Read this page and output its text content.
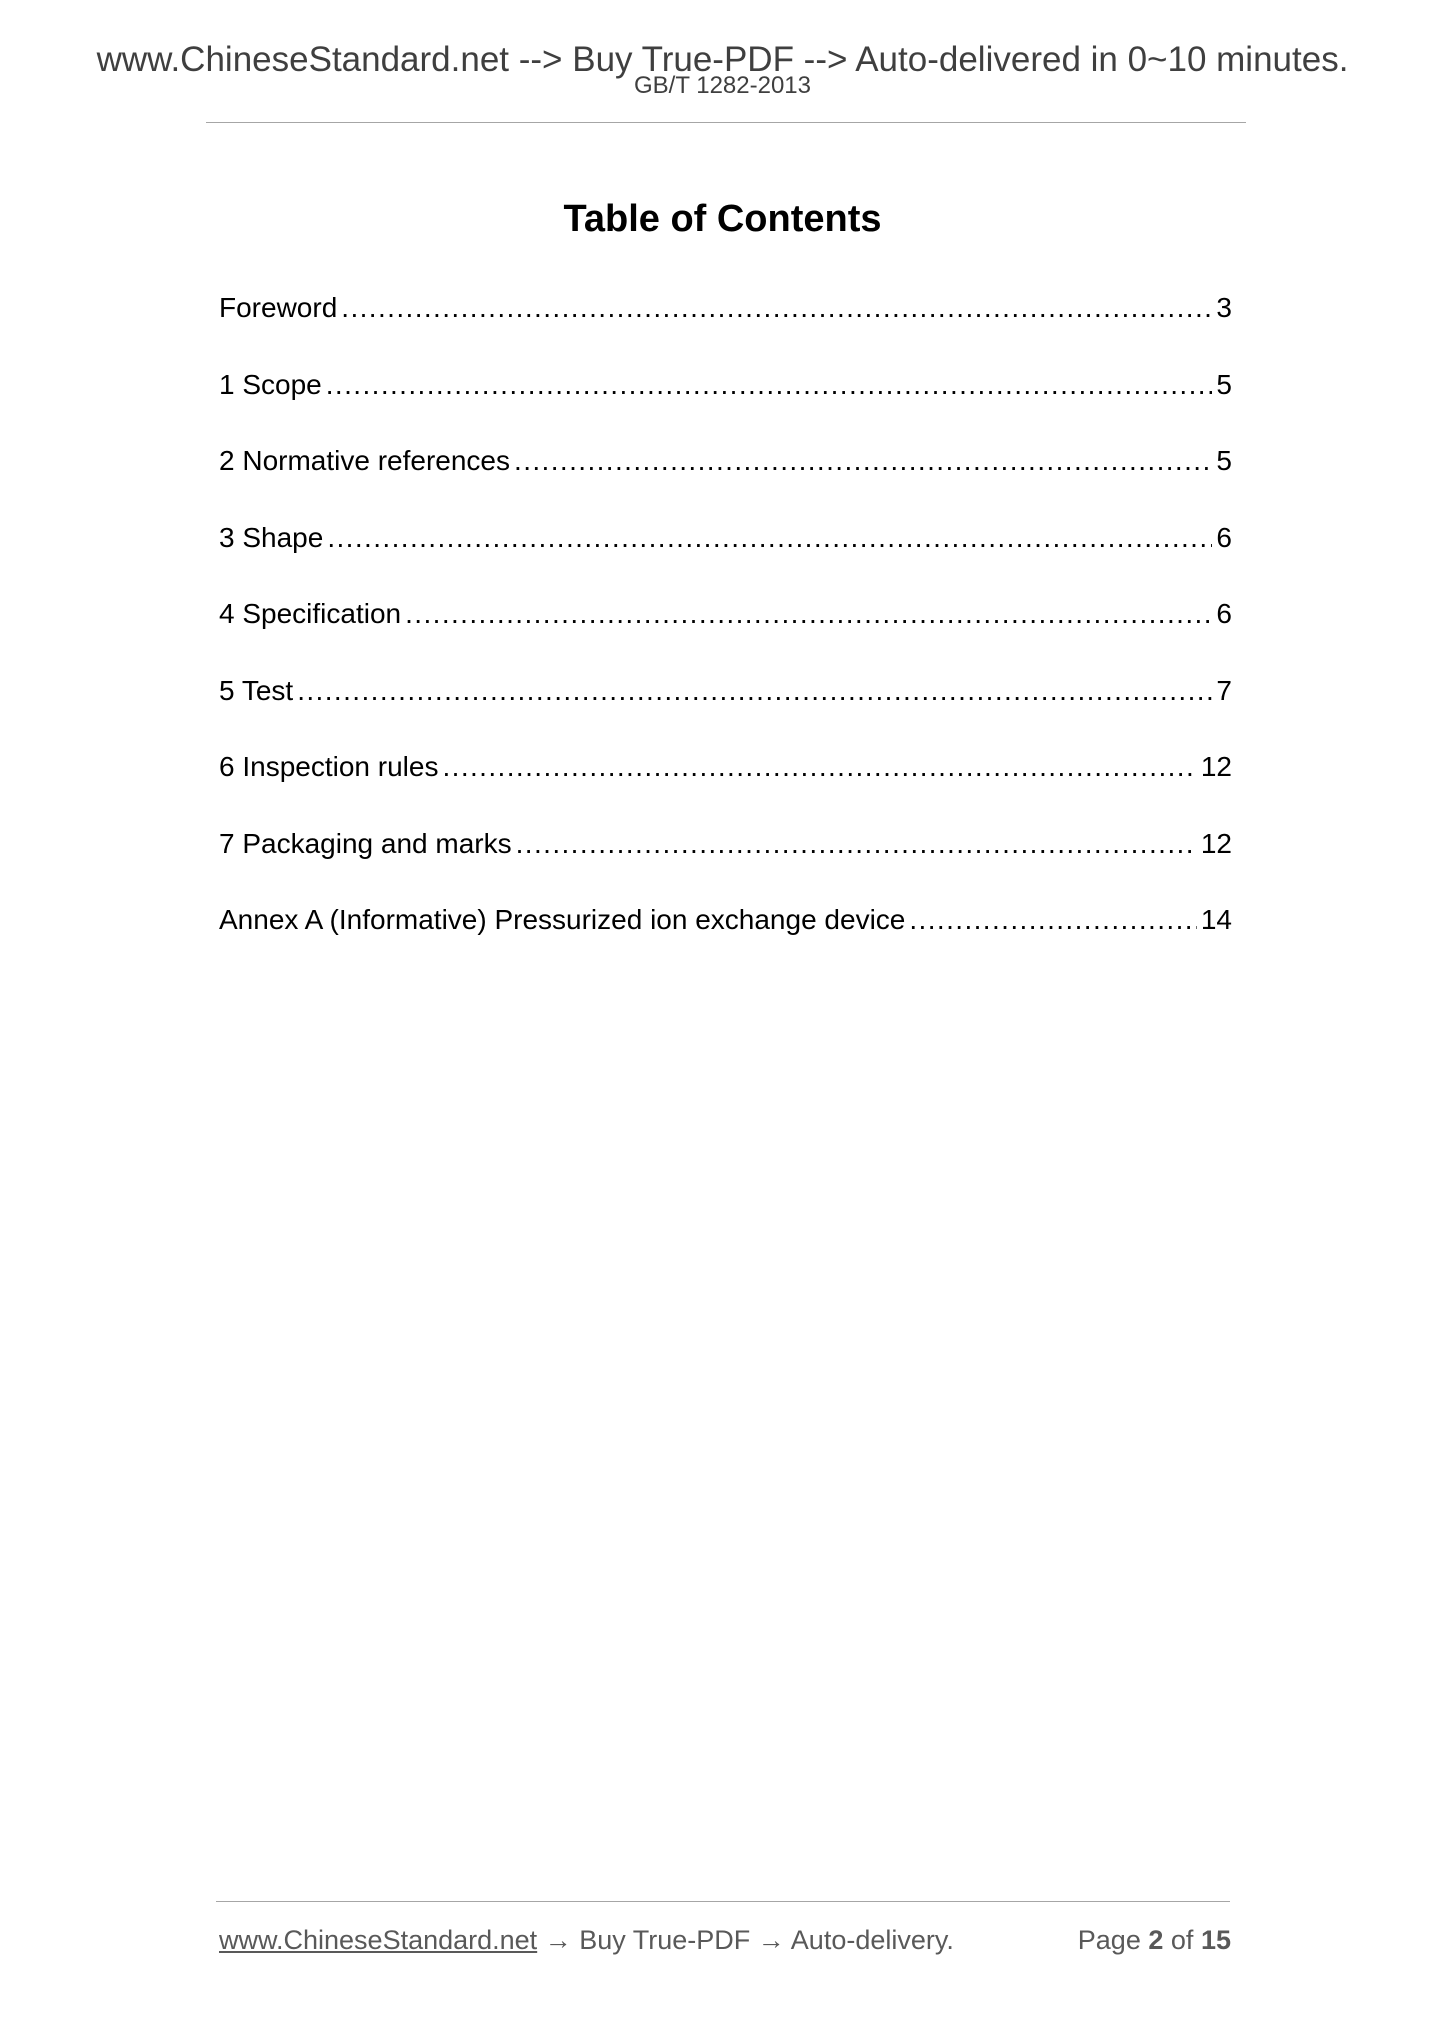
www.ChineseStandard.net --> Buy True-PDF --> Auto-delivered in 0~10 minutes.
GB/T 1282-2013
Table of Contents
Foreword .....	3
1 Scope .....	5
2 Normative references .....	5
3 Shape .....	6
4 Specification .....	6
5 Test .....	7
6 Inspection rules .....	12
7 Packaging and marks .....	12
Annex A (Informative) Pressurized ion exchange device .....	14
www.ChineseStandard.net → Buy True-PDF → Auto-delivery.	Page 2 of 15
